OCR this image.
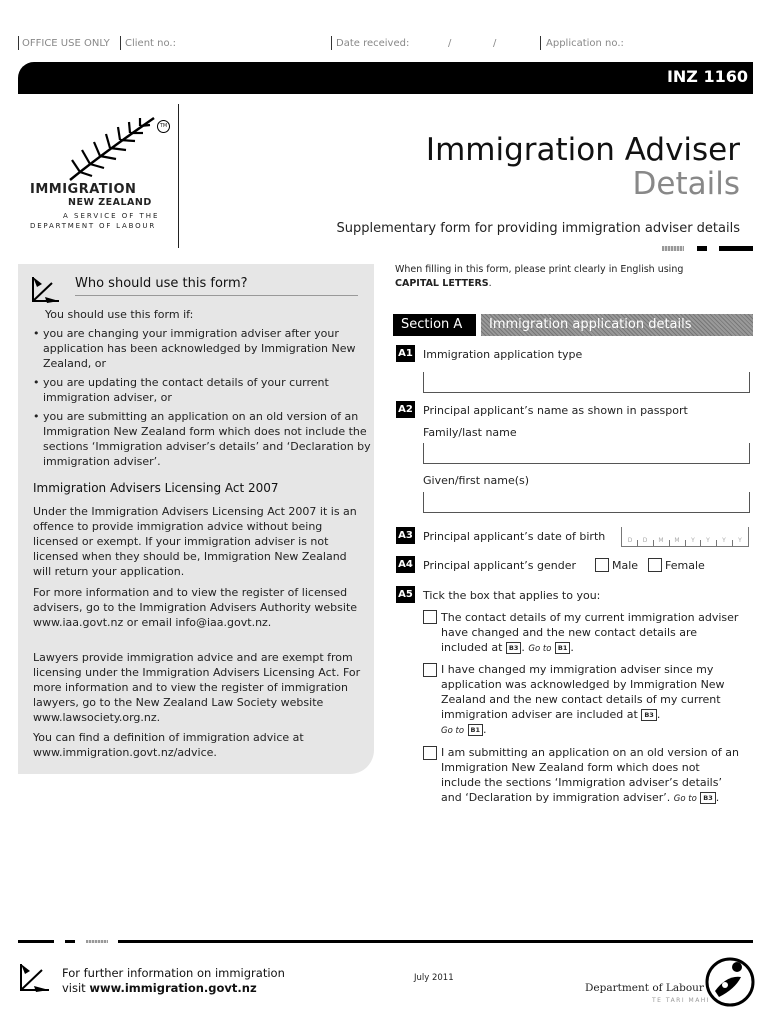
OFFICE USE ONLY Client no.:	Date received:	/	/	Application no.:
INZ 1160
TM
IMMIGRATION
NEW ZEALAND
A SERVICE OF THE
DEPARTMENT OF LABOUR
Immigration Adviser
Details
Supplementary form for providing immigration adviser details
Who should use this form?
You should use this form if:
• you are changing your immigration adviser after your application has been acknowledged by Immigration New Zealand, or
• you are updating the contact details of your current immigration adviser, or
• you are submitting an application on an old version of an Immigration New Zealand form which does not include the sections ‘Immigration adviser’s details’ and ‘Declaration by immigration adviser’.
Immigration Advisers Licensing Act 2007
Under the Immigration Advisers Licensing Act 2007 it is an offence to provide immigration advice without being licensed or exempt. If your immigration adviser is not licensed when they should be, Immigration New Zealand will return your application.
For more information and to view the register of licensed advisers, go to the Immigration Advisers Authority website www.iaa.govt.nz or email info@iaa.govt.nz.
Lawyers provide immigration advice and are exempt from licensing under the Immigration Advisers Licensing Act. For more information and to view the register of immigration lawyers, go to the New Zealand Law Society website www.lawsociety.org.nz.
You can find a definition of immigration advice at www.immigration.govt.nz/advice.
When filling in this form, please print clearly in English using
CAPITAL LETTERS.
Section A	Immigration application details
A1 Immigration application type
A2 Principal applicant’s name as shown in passport
Family/last name
Given/first name(s)
A3 Principal applicant’s date of birth	D	D	M	M	Y	Y	Y	Y
A4 Principal applicant’s gender	Male Female
A5 Tick the box that applies to you:
The contact details of my current immigration adviser have changed and the new contact details are included at B3 . Go to B1 .
I have changed my immigration adviser since my application was acknowledged by Immigration New Zealand and the new contact details of my current immigration adviser are included at B3 .
Go to B1 .
I am submitting an application on an old version of an Immigration New Zealand form which does not include the sections ‘Immigration adviser’s details’ and ‘Declaration by immigration adviser’. Go to B3 .
For further information on immigration
visit www.immigration.govt.nz
July 2011
Department of Labour
TE TARI MAHI
